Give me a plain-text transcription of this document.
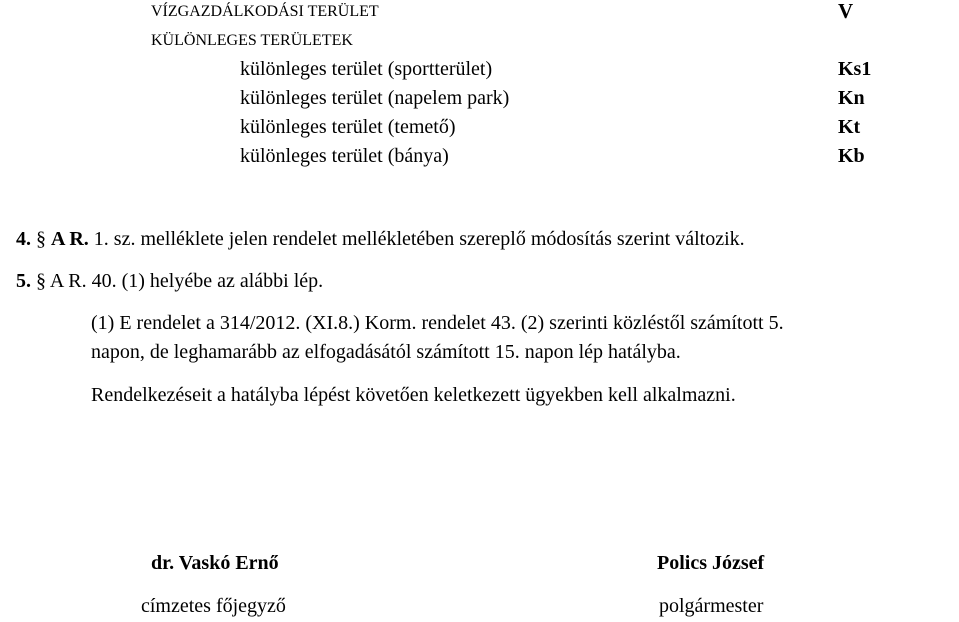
VÍZGAZDÁLKODÁSI TERÜLET	V
KÜLÖNLEGES TERÜLETEK
különleges terület (sportterület)	Ks1
különleges terület (napelem park)	Kn
különleges terület (temető)	Kt
különleges terület (bánya)	Kb
4. § A R. 1. sz. melléklete jelen rendelet mellékletében szereplő módosítás szerint változik.
5. § A R. 40. (1) helyébe az alábbi lép.
(1) E rendelet a 314/2012. (XI.8.) Korm. rendelet 43. (2) szerinti közléstől számított 5.
napon, de leghamarább az elfogadásától számított 15. napon lép hatályba.
Rendelkezéseit a hatályba lépést követően keletkezett ügyekben kell alkalmazni.
dr. Vaskó Ernő
címzetes főjegyző
Polics József
polgármester
